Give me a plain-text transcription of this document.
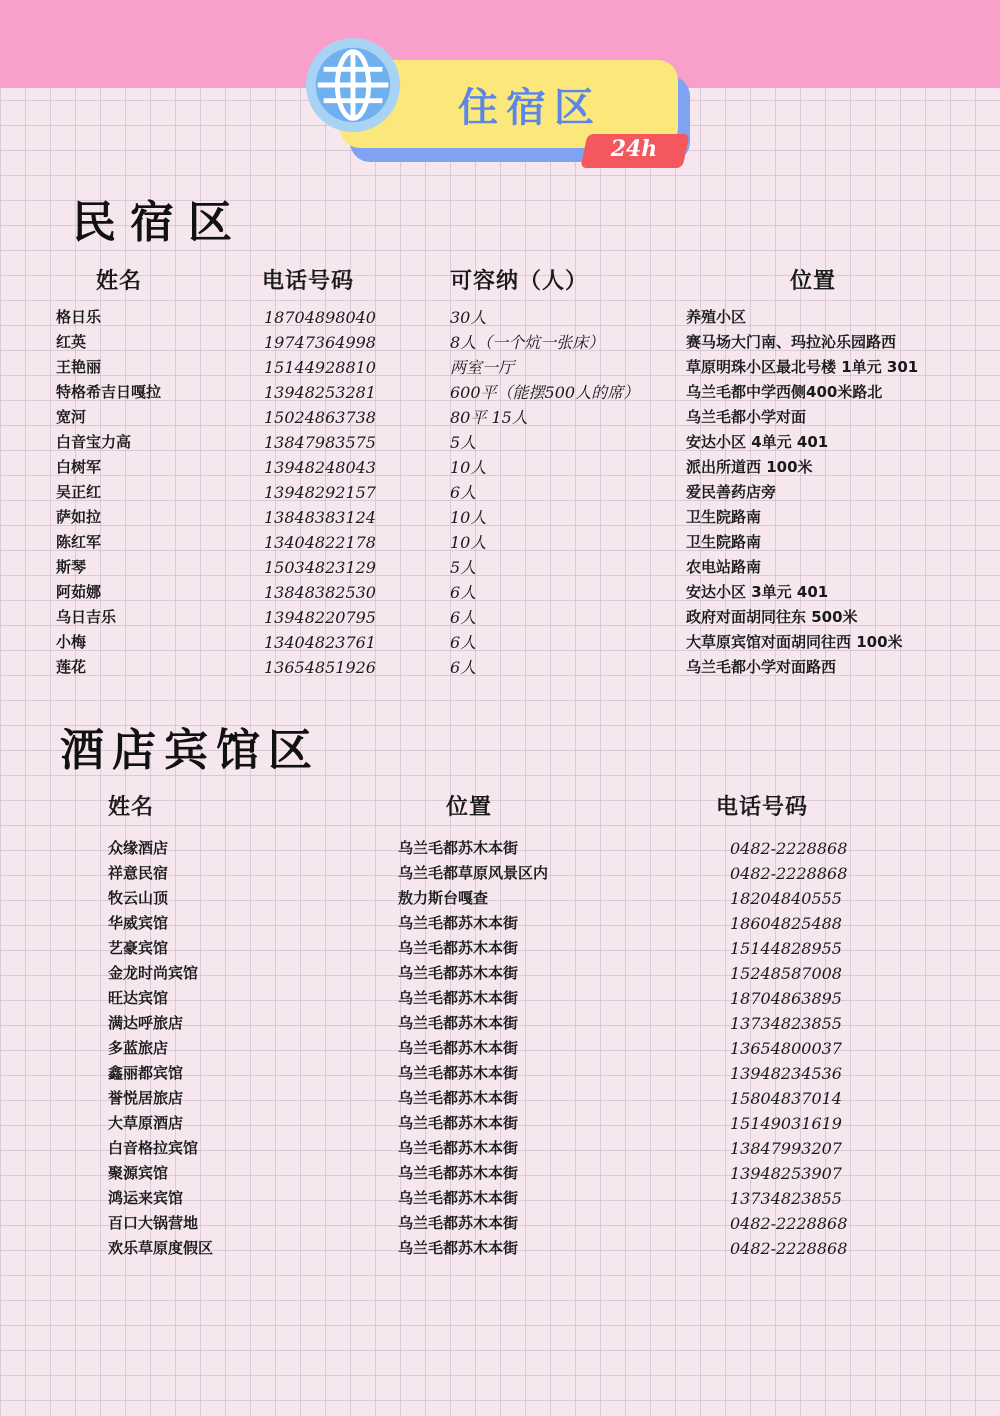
住宿区
24h
民宿区
姓名	电话号码	可容纳（人）	位置
格日乐	18704898040	30人	养殖小区
红英	19747364998	8人（一个炕一张床）	赛马场大门南、玛拉沁乐园路西
王艳丽	15144928810	两室一厅	草原明珠小区最北号楼 1单元 301
特格希吉日嘎拉	13948253281	600平（能摆500人的席）	乌兰毛都中学西侧400米路北
宽河	15024863738	80平 15人	乌兰毛都小学对面
白音宝力高	13847983575	5人	安达小区 4单元 401
白树军	13948248043	10人	派出所道西 100米
吴正红	13948292157	6人	爱民善药店旁
萨如拉	13848383124	10人	卫生院路南
陈红军	13404822178	10人	卫生院路南
斯琴	15034823129	5人	农电站路南
阿茹娜	13848382530	6人	安达小区 3单元 401
乌日吉乐	13948220795	6人	政府对面胡同往东 500米
小梅	13404823761	6人	大草原宾馆对面胡同往西 100米
莲花	13654851926	6人	乌兰毛都小学对面路西
酒店宾馆区
姓名	位置	电话号码
众缘酒店	乌兰毛都苏木本街	0482-2228868
祥意民宿	乌兰毛都草原风景区内	0482-2228868
牧云山顶	敖力斯台嘎查	18204840555
华威宾馆	乌兰毛都苏木本街	18604825488
艺豪宾馆	乌兰毛都苏木本街	15144828955
金龙时尚宾馆	乌兰毛都苏木本街	15248587008
旺达宾馆	乌兰毛都苏木本街	18704863895
满达呼旅店	乌兰毛都苏木本街	13734823855
多蓝旅店	乌兰毛都苏木本街	13654800037
鑫丽都宾馆	乌兰毛都苏木本街	13948234536
誉悦居旅店	乌兰毛都苏木本街	15804837014
大草原酒店	乌兰毛都苏木本街	15149031619
白音格拉宾馆	乌兰毛都苏木本街	13847993207
聚源宾馆	乌兰毛都苏木本街	13948253907
鸿运来宾馆	乌兰毛都苏木本街	13734823855
百口大锅营地	乌兰毛都苏木本街	0482-2228868
欢乐草原度假区	乌兰毛都苏木本街	0482-2228868
